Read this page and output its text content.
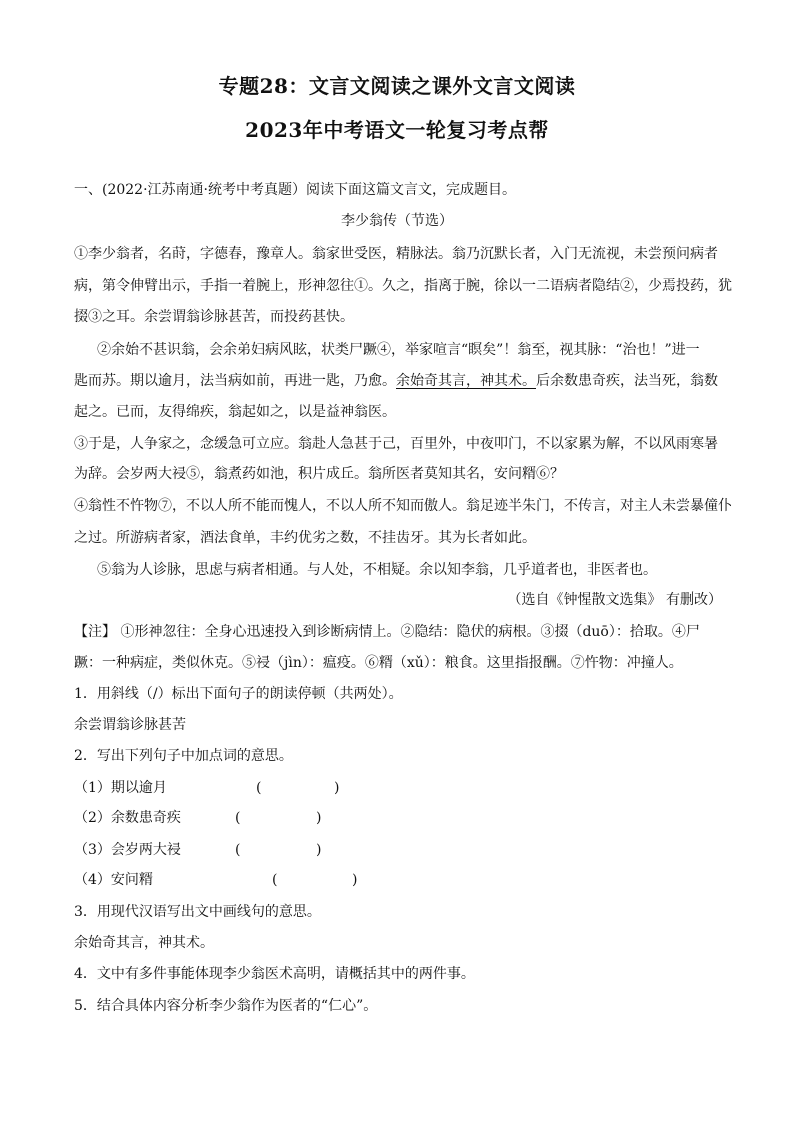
专题28：文言文阅读之课外文言文阅读
2023年中考语文一轮复习考点帮
一、(2022·江苏南通·统考中考真题）阅读下面这篇文言文，完成题目。
李少翁传（节选）
①李少翁者，名莳，字德春，豫章人。翁家世受医，精脉法。翁乃沉默长者，入门无流视，未尝预问病者
病，第令伸臂出示，手指一着腕上，形神忽往①。久之，指离于腕，徐以一二语病者隐结②，少焉投药，犹
掇③之耳。余尝谓翁诊脉甚苦，而投药甚快。
②余始不甚识翁，会余弟妇病风眩，状类尸蹶④，举家喧言“瞑矣”！翁至，视其脉：“治也！”进一
匙而苏。期以逾月，法当病如前，再进一匙，乃愈。余始奇其言，神其术。后余数患奇疾，法当死，翁数
起之。已而，友得绵疾，翁起如之，以是益神翁医。
③于是，人争家之，念缓急可立应。翁赴人急甚于己，百里外，中夜叩门，不以家累为解，不以风雨寒暑
为辞。会岁两大祲⑤，翁煮药如池，积片成丘。翁所医者莫知其名，安问糈⑥？
④翁性不忤物⑦，不以人所不能而愧人，不以人所不知而傲人。翁足迹半朱门，不传言，对主人未尝暴僮仆
之过。所游病者家，酒法食单，丰约优劣之数，不挂齿牙。其为长者如此。
⑤翁为人诊脉，思虑与病者相通。与人处，不相疑。余以知李翁，几乎道者也，非医者也。
（选自《钟惺散文选集》 有删改）
【注】 ①形神忽往：全身心迅速投入到诊断病情上。②隐结：隐伏的病根。③掇（duō）：拾取。④尸
蹶：一种病症，类似休克。⑤祲（jìn）：瘟疫。⑥糈（xǔ）：粮食。这里指报酬。⑦忤物：冲撞人。
1．用斜线（/）标出下面句子的朗读停顿（共两处）。
余尝谓翁诊脉甚苦
2．写出下列句子中加点词的意思。
（1）期以逾月	(	)
（2）余数患奇疾	(	)
（3）会岁两大祲	(	)
（4）安问糈	(	)
3．用现代汉语写出文中画线句的意思。
余始奇其言，神其术。
4．文中有多件事能体现李少翁医术高明，请概括其中的两件事。
5．结合具体内容分析李少翁作为医者的“仁心”。
